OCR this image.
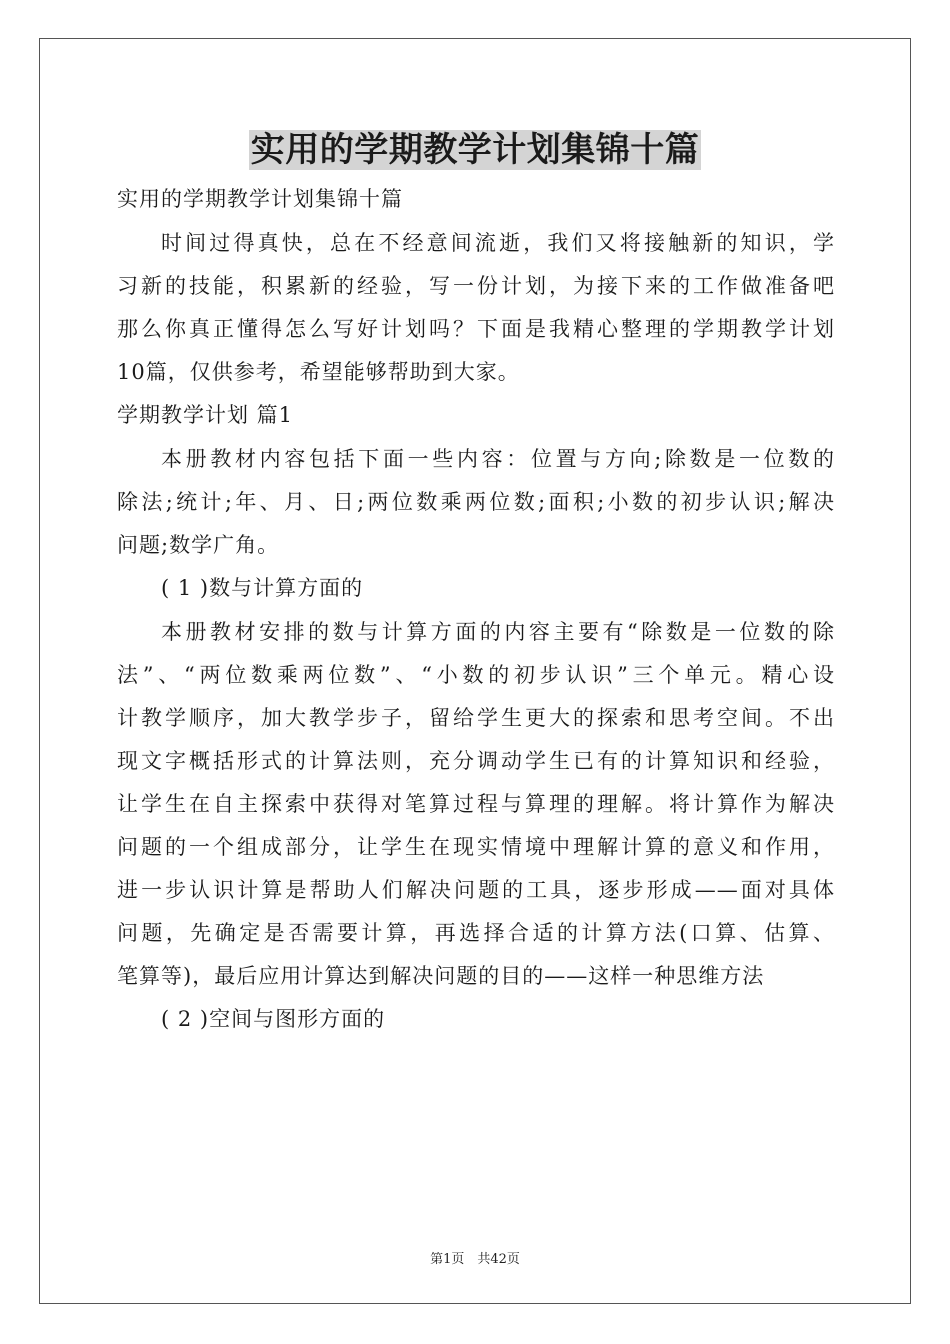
实用的学期教学计划集锦十篇

实用的学期教学计划集锦十篇

时间过得真快，总在不经意间流逝，我们又将接触新的知识，学
习新的技能，积累新的经验，写一份计划，为接下来的工作做准备吧
那么你真正懂得怎么写好计划吗？下面是我精心整理的学期教学计划
10篇，仅供参考，希望能够帮助到大家。

学期教学计划 篇1

本册教材内容包括下面一些内容：位置与方向;除数是一位数的
除法;统计;年、月、日;两位数乘两位数;面积;小数的初步认识;解决
问题;数学广角。

( 1 )数与计算方面的

本册教材安排的数与计算方面的内容主要有“除数是一位数的除
法”、“两位数乘两位数”、“小数的初步认识”三个单元。精心设
计教学顺序，加大教学步子，留给学生更大的探索和思考空间。不出
现文字概括形式的计算法则，充分调动学生已有的计算知识和经验，
让学生在自主探索中获得对笔算过程与算理的理解。将计算作为解决
问题的一个组成部分，让学生在现实情境中理解计算的意义和作用，
进一步认识计算是帮助人们解决问题的工具，逐步形成——面对具体
问题，先确定是否需要计算，再选择合适的计算方法(口算、估算、
笔算等)，最后应用计算达到解决问题的目的——这样一种思维方法

( 2 )空间与图形方面的

第1页　共42页
